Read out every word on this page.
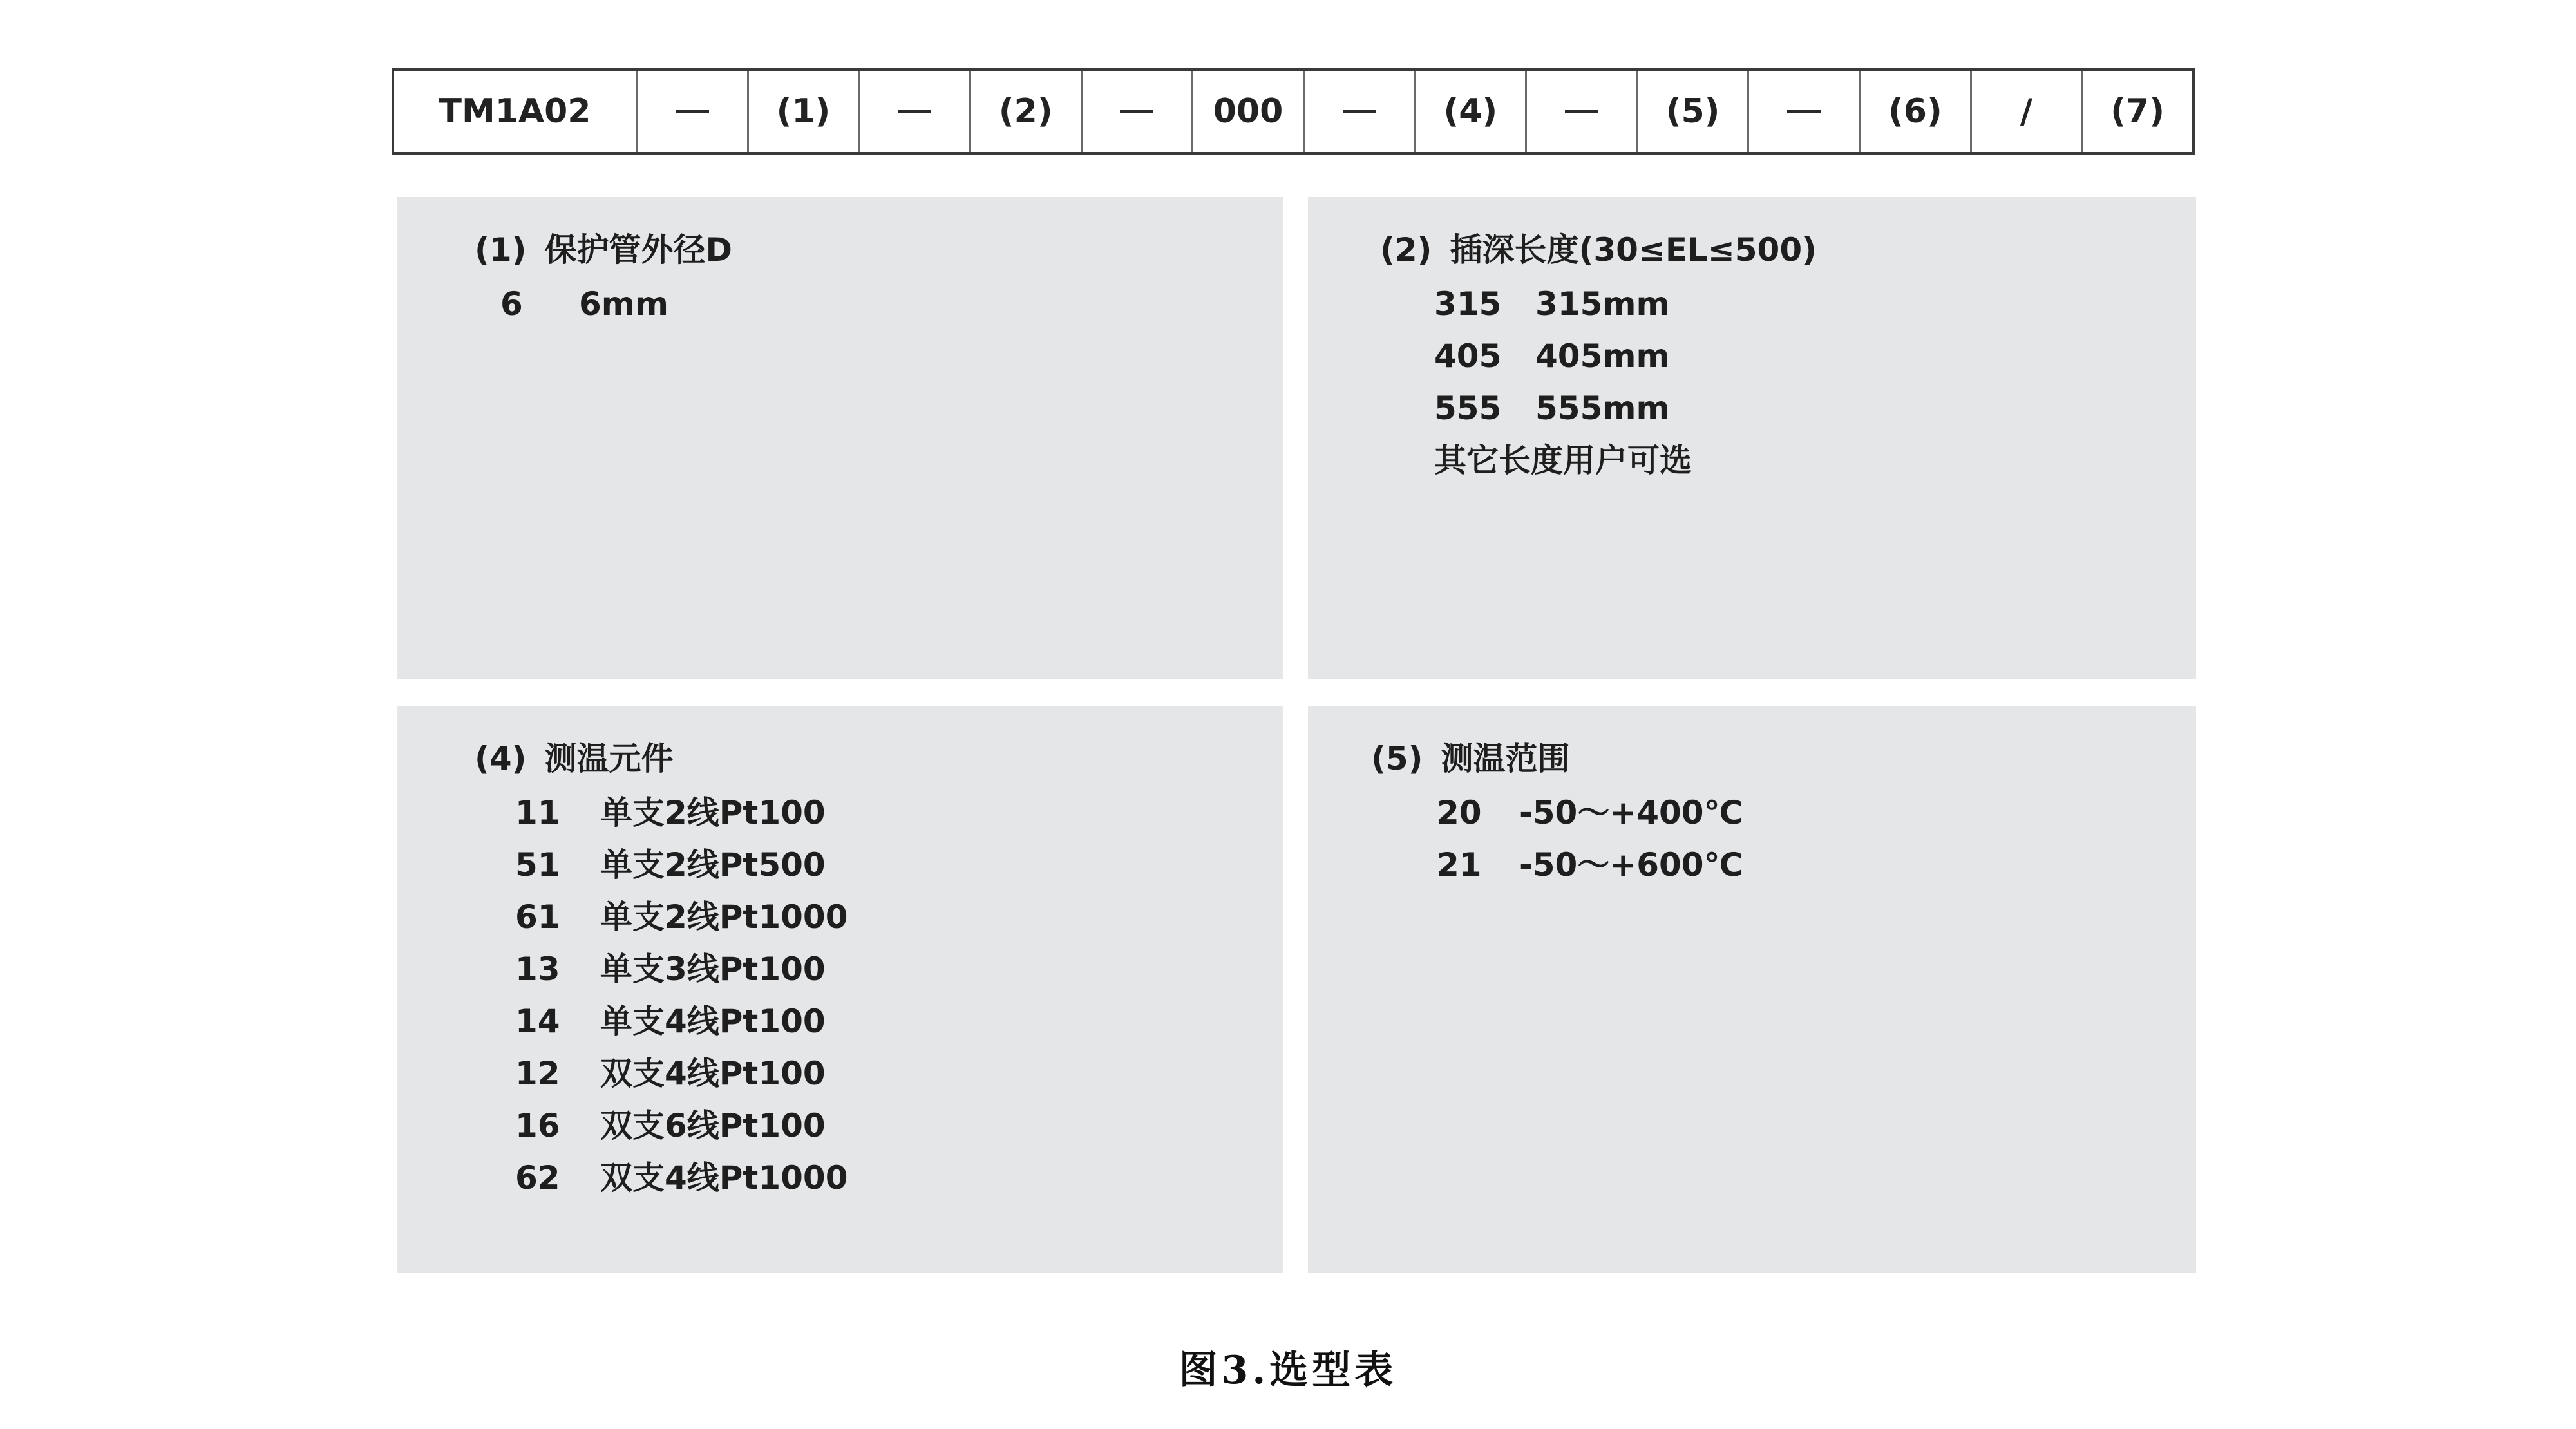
TM1A02	(1)	(2)	000	(4)	(5)	(6) / (7)
(1) 保护管外径D
6 6mm
(2) 插深长度(30≤EL≤500)
315 315mm
405 405mm
555 555mm
其它长度用户可选
(4) 测温元件
11 单支2线Pt100
51 单支2线Pt500
61 单支2线Pt1000
13 单支3线Pt100
14 单支4线Pt100
12 双支4线Pt100
16 双支6线Pt100
62 双支4线Pt1000
(5) 测温范围
20 -50～+400℃
21 -50～+600℃
图3.选型表
